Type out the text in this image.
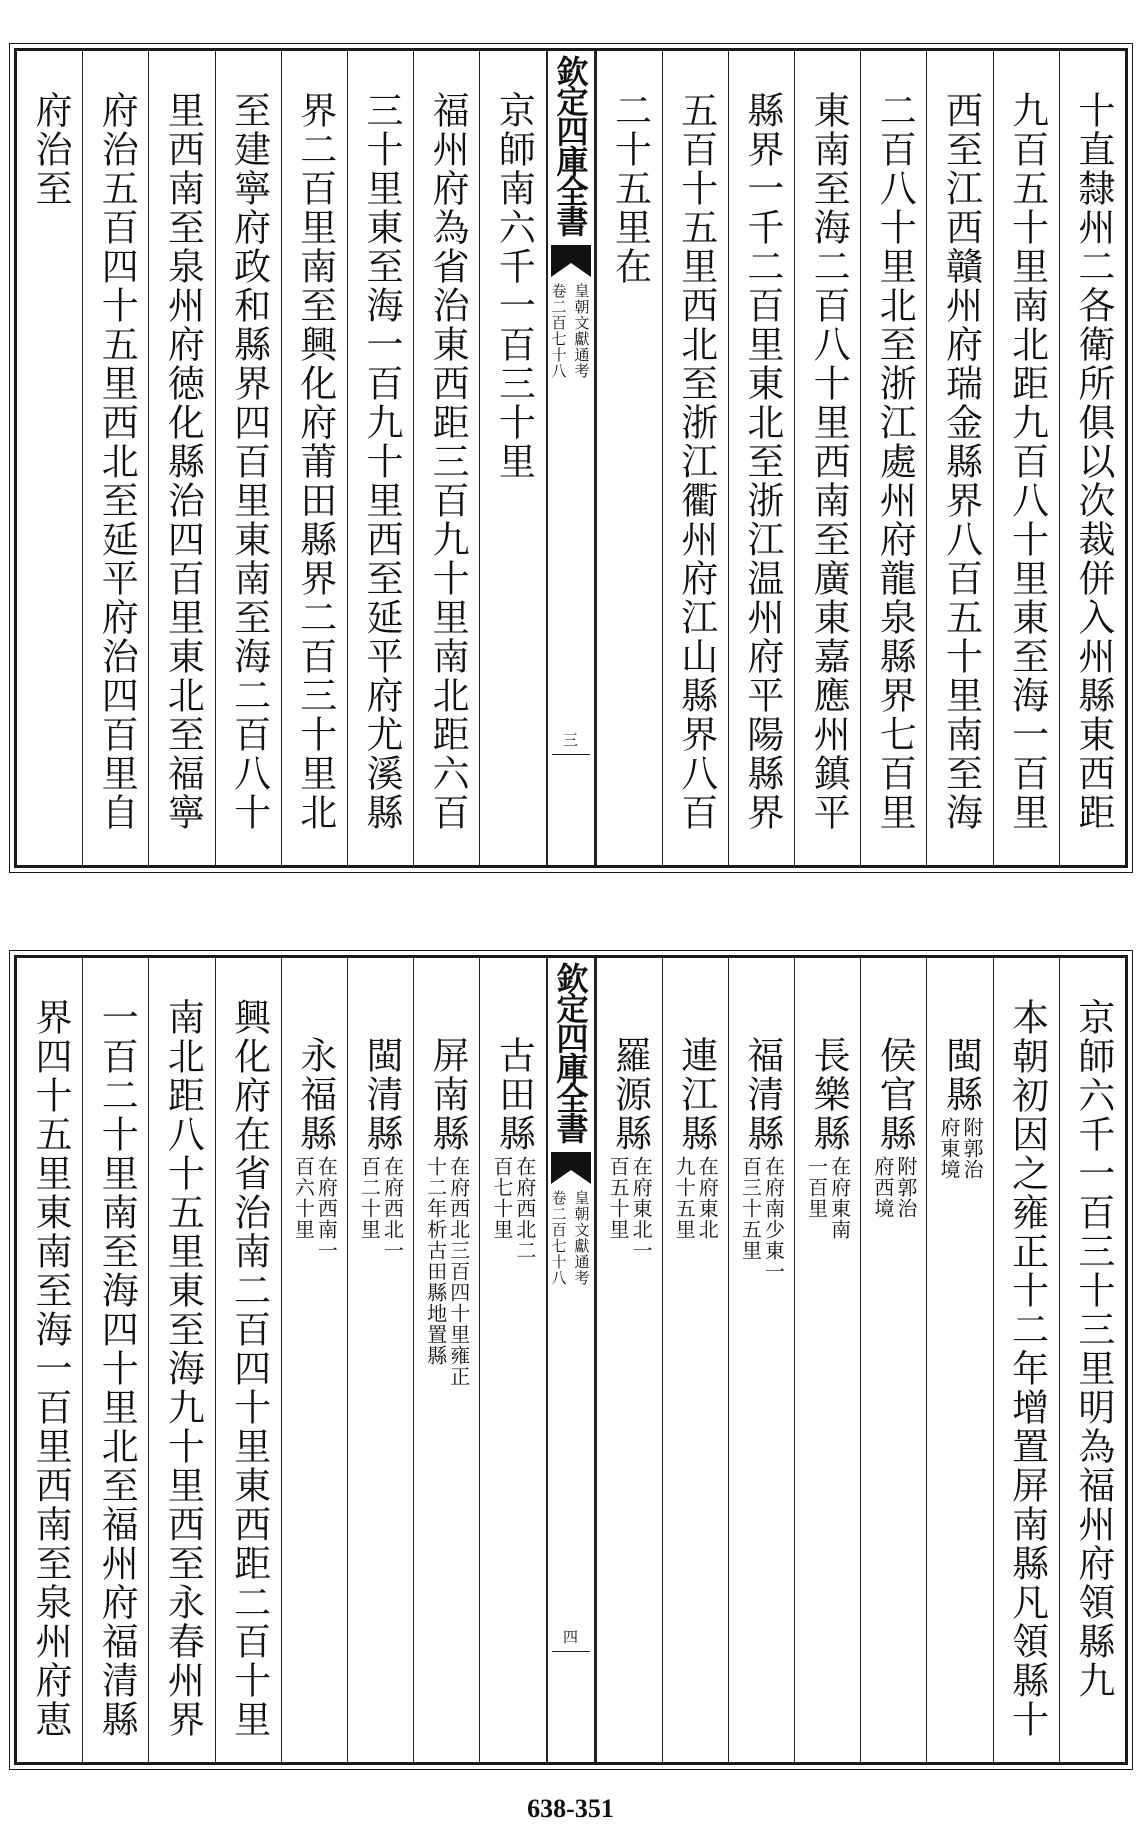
十直隸州二各衛所俱以次裁併入州縣東西距
九百五十里南北距九百八十里東至海一百里
西至江西贛州府瑞金縣界八百五十里南至海
二百八十里北至浙江處州府龍泉縣界七百里
東南至海二百八十里西南至廣東嘉應州鎮平
縣界一千二百里東北至浙江温州府平陽縣界
五百十五里西北至浙江衢州府江山縣界八百
二十五里在
欽定四庫全書
皇朝文獻通考
卷二百七十八
三
京師南六千一百三十里
福州府為省治東西距三百九十里南北距六百
三十里東至海一百九十里西至延平府尤溪縣
界二百里南至興化府莆田縣界二百三十里北
至建寧府政和縣界四百里東南至海二百八十
里西南至泉州府徳化縣治四百里東北至福寧
府治五百四十五里西北至延平府治四百里自
府治至
京師六千一百三十三里明為福州府領縣九
本朝初因之雍正十二年增置屏南縣凡領縣十
閩縣
附郭治
府東境
侯官縣
附郭治
府西境
長樂縣
在府東南
一百里
福清縣
在府南少東一
百三十五里
連江縣
在府東北
九十五里
羅源縣
在府東北一
百五十里
欽定四庫全書
皇朝文獻通考
卷二百七十八
四
古田縣
在府西北二
百七十里
屏南縣
在府西北三百四十里雍正
十二年析古田縣地置縣
閩清縣
在府西北一
百二十里
永福縣
在府西南一
百六十里
興化府在省治南二百四十里東西距二百十里
南北距八十五里東至海九十里西至永春州界
一百二十里南至海四十里北至福州府福清縣
界四十五里東南至海一百里西南至泉州府恵
638-351
